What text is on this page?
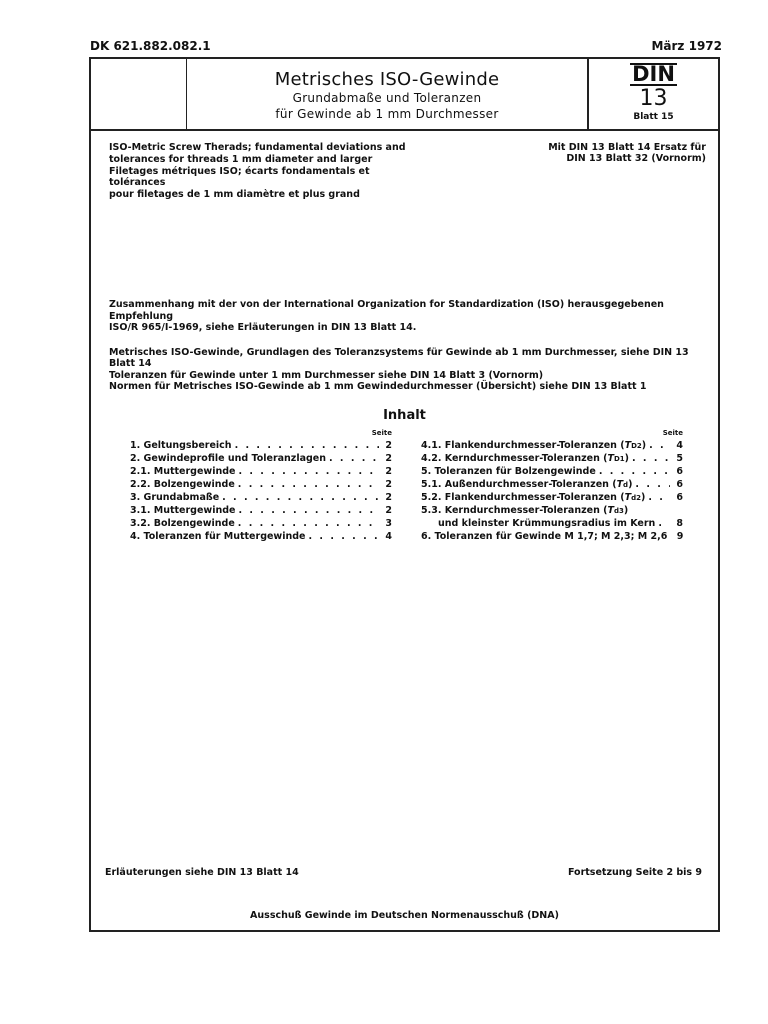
DK 621.882.082.1	März 1972
Metrisches ISO-Gewinde
Grundabmaße und Toleranzen
für Gewinde ab 1 mm Durchmesser
DIN
13
Blatt 15

ISO-Metric Screw Therads; fundamental deviations and

tolerances for threads 1 mm diameter and larger

Filetages métriques ISO; écarts fondamentals et tolérances

pour filetages de 1 mm diamètre et plus grand

Mit DIN 13 Blatt 14 Ersatz für
DIN 13 Blatt 32 (Vornorm)

Zusammenhang mit der von der International Organization for Standardization (ISO) herausgegebenen Empfehlung

ISO/R 965/I-1969, siehe Erläuterungen in DIN 13 Blatt 14.

Metrisches ISO-Gewinde, Grundlagen des Toleranzsystems für Gewinde ab 1 mm Durchmesser, siehe DIN 13 Blatt 14

Toleranzen für Gewinde unter 1 mm Durchmesser siehe DIN 14 Blatt 3 (Vornorm)

Normen für Metrisches ISO-Gewinde ab 1 mm Gewindedurchmesser (Übersicht) siehe DIN 13 Blatt 1

Inhalt
Seite
1. Geltungsbereich . . .	2
2. Gewindeprofile und Toleranzlagen . . .	2
2.1. Muttergewinde . . .	2
2.2. Bolzengewinde . . .	2
3. Grundabmaße . . .	2
3.1. Muttergewinde . . .	2
3.2. Bolzengewinde . . .	3
4. Toleranzen für Muttergewinde . . .	4
Seite
4.1. Flankendurchmesser-Toleranzen (TD2) . . .	4
4.2. Kerndurchmesser-Toleranzen (TD1) . . .	5
5. Toleranzen für Bolzengewinde . . .	6
5.1. Außendurchmesser-Toleranzen (Td) . . .	6
5.2. Flankendurchmesser-Toleranzen (Td2) . . .	6
5.3. Kerndurchmesser-Toleranzen (Td3)
und kleinster Krümmungsradius im Kern . . .	8
6. Toleranzen für Gewinde M 1,7; M 2,3; M 2,6 9
Erläuterungen siehe DIN 13 Blatt 14	Fortsetzung Seite 2 bis 9
Ausschuß Gewinde im Deutschen Normenausschuß (DNA)
